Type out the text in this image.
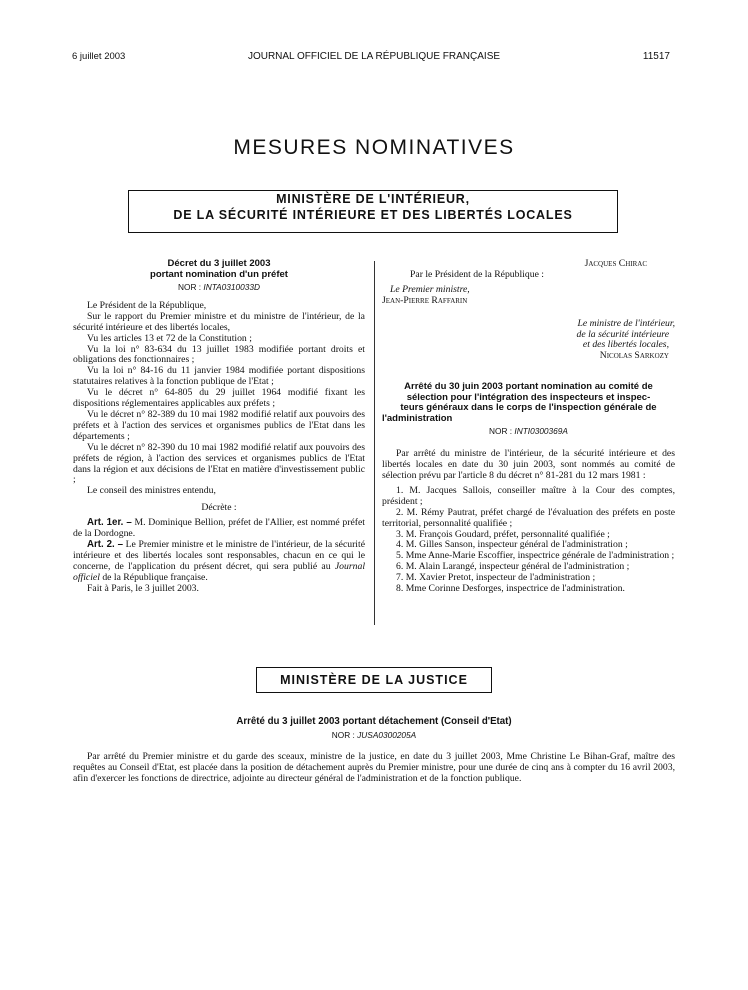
6 juillet 2003	JOURNAL OFFICIEL DE LA RÉPUBLIQUE FRANÇAISE	11517
MESURES NOMINATIVES
MINISTÈRE DE L'INTÉRIEUR,
DE LA SÉCURITÉ INTÉRIEURE ET DES LIBERTÉS LOCALES
Décret du 3 juillet 2003
portant nomination d'un préfet
NOR : INTA0310033D

Le Président de la République,

Sur le rapport du Premier ministre et du ministre de l'intérieur, de la sécurité intérieure et des libertés locales,

Vu les articles 13 et 72 de la Constitution ;

Vu la loi n° 83-634 du 13 juillet 1983 modifiée portant droits et obligations des fonctionnaires ;

Vu la loi n° 84-16 du 11 janvier 1984 modifiée portant dispositions statutaires relatives à la fonction publique de l'Etat ;

Vu le décret n° 64-805 du 29 juillet 1964 modifié fixant les dispositions réglementaires applicables aux préfets ;

Vu le décret n° 82-389 du 10 mai 1982 modifié relatif aux pouvoirs des préfets et à l'action des services et organismes publics de l'Etat dans les départements ;

Vu le décret n° 82-390 du 10 mai 1982 modifié relatif aux pouvoirs des préfets de région, à l'action des services et organismes publics de l'Etat dans la région et aux décisions de l'Etat en matière d'investissement public ;

Le conseil des ministres entendu,

Décrète :

Art. 1er. – M. Dominique Bellion, préfet de l'Allier, est nommé préfet de la Dordogne.

Art. 2. – Le Premier ministre et le ministre de l'intérieur, de la sécurité intérieure et des libertés locales sont responsables, chacun en ce qui le concerne, de l'application du présent décret, qui sera publié au Journal officiel de la République française.

Fait à Paris, le 3 juillet 2003.

Jacques Chirac

Par le Président de la République :

Le Premier ministre,

Jean-Pierre Raffarin

Le ministre de l'intérieur,

de la sécurité intérieure

et des libertés locales,

Nicolas Sarkozy

Arrêté du 30 juin 2003 portant nomination au comité de
sélection pour l'intégration des inspecteurs et inspec-
teurs généraux dans le corps de l'inspection générale de
l'administration
NOR : INTI0300369A

Par arrêté du ministre de l'intérieur, de la sécurité intérieure et des libertés locales en date du 30 juin 2003, sont nommés au comité de sélection prévu par l'article 8 du décret n° 81-281 du 12 mars 1981 :

1. M. Jacques Sallois, conseiller maître à la Cour des comptes, président ;

2. M. Rémy Pautrat, préfet chargé de l'évaluation des préfets en poste territorial, personnalité qualifiée ;

3. M. François Goudard, préfet, personnalité qualifiée ;

4. M. Gilles Sanson, inspecteur général de l'administration ;

5. Mme Anne-Marie Escoffier, inspectrice générale de l'administration ;

6. M. Alain Larangé, inspecteur général de l'administration ;

7. M. Xavier Pretot, inspecteur de l'administration ;

8. Mme Corinne Desforges, inspectrice de l'administration.

MINISTÈRE DE LA JUSTICE
Arrêté du 3 juillet 2003 portant détachement (Conseil d'Etat)
NOR : JUSA0300205A

Par arrêté du Premier ministre et du garde des sceaux, ministre de la justice, en date du 3 juillet 2003, Mme Christine Le Bihan-Graf, maître des requêtes au Conseil d'Etat, est placée dans la position de détachement auprès du Premier ministre, pour une durée de cinq ans à compter du 16 avril 2003, afin d'exercer les fonctions de directrice, adjointe au directeur général de l'administration et de la fonction publique.
